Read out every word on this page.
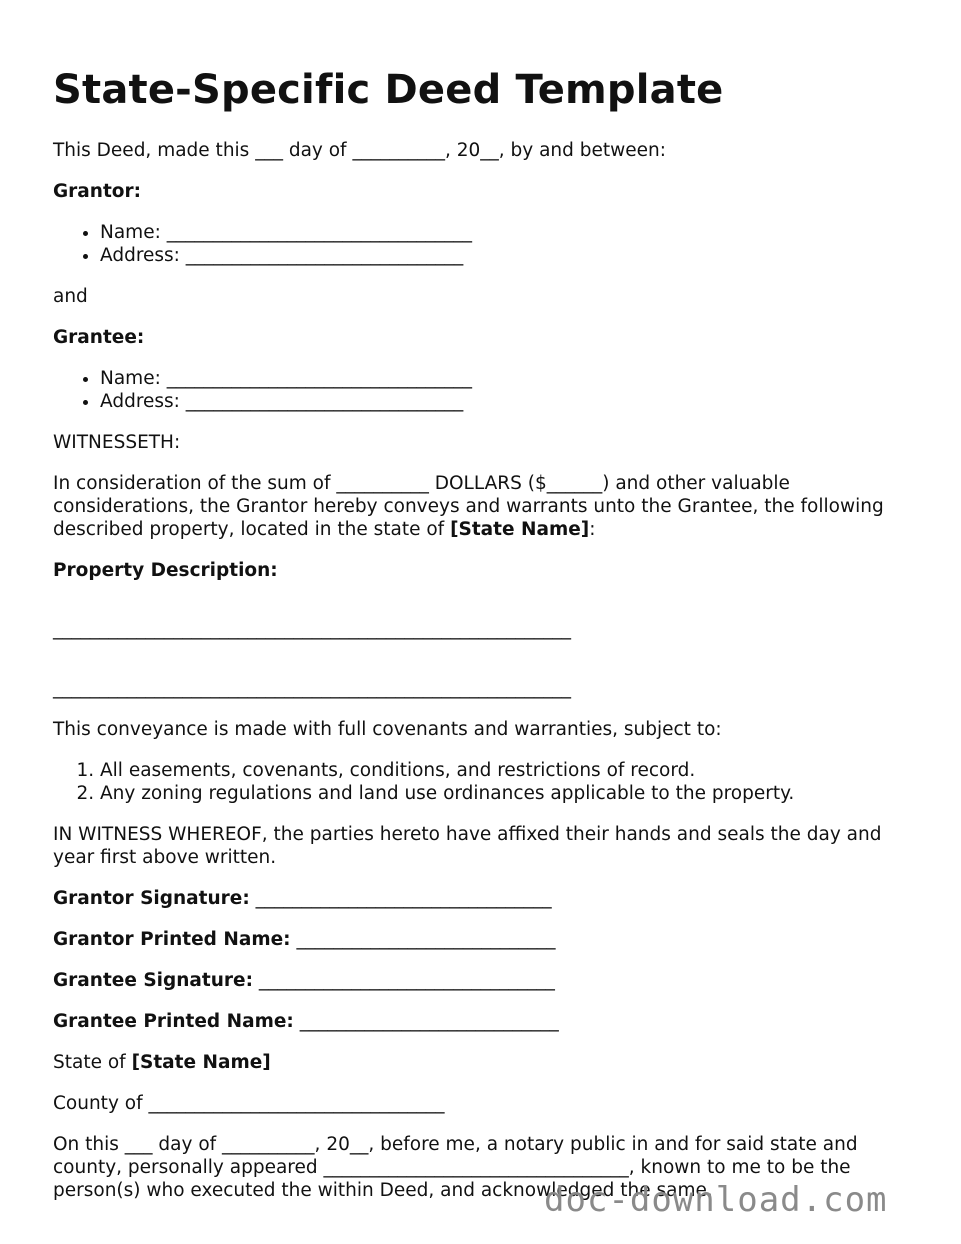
State-Specific Deed Template

This Deed, made this ___ day of __________, 20__, by and between:

Grantor:

• Name: _________________________________
• Address: ______________________________

and

Grantee:

• Name: _________________________________
• Address: ______________________________

WITNESSETH:

In consideration of the sum of __________ DOLLARS ($______) and other valuable considerations, the Grantor hereby conveys and warrants unto the Grantee, the following described property, located in the state of [State Name]:

Property Description:

________________________________________________________

________________________________________________________

This conveyance is made with full covenants and warranties, subject to:

1. All easements, covenants, conditions, and restrictions of record.
2. Any zoning regulations and land use ordinances applicable to the property.

IN WITNESS WHEREOF, the parties hereto have affixed their hands and seals the day and year first above written.

Grantor Signature: ________________________________

Grantor Printed Name: ____________________________

Grantee Signature: ________________________________

Grantee Printed Name: ____________________________

State of [State Name]

County of ________________________________

On this ___ day of __________, 20__, before me, a notary public in and for said state and county, personally appeared _________________________________, known to me to be the person(s) who executed the within Deed, and acknowledged the same.

doc-download.com
